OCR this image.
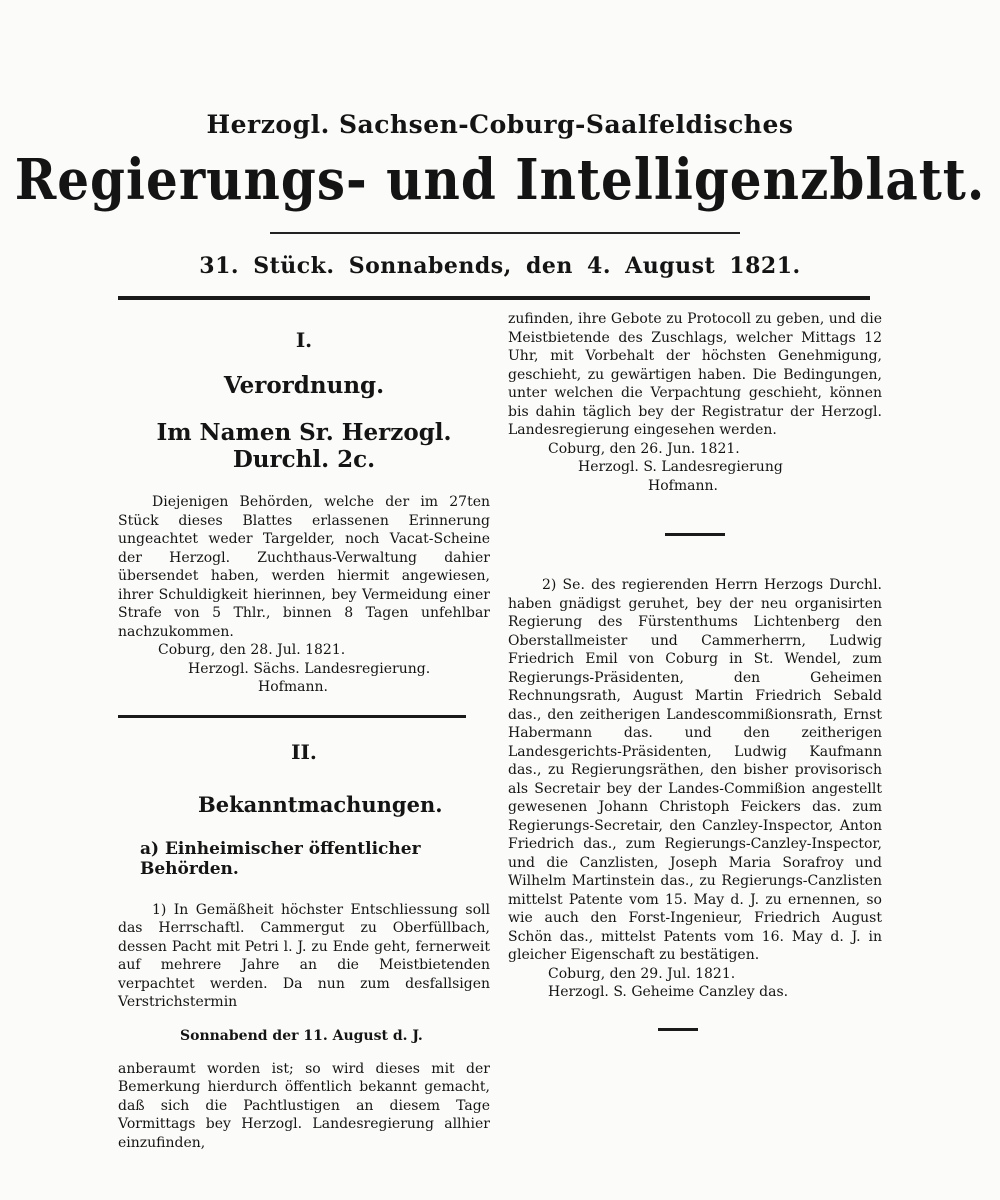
Herzogl. Sachsen-Coburg-Saalfeldisches
Regierungs- und Intelligenzblatt.
31. Stück. Sonnabends, den 4. August 1821.
I.
Verordnung.
Im Namen Sr. Herzogl. Durchl. 2c.

Diejenigen Behörden, welche der im 27ten Stück dieses Blattes erlassenen Erinnerung ungeachtet weder Targelder, noch Vacat-Scheine der Herzogl. Zuchthaus-Verwaltung dahier übersendet haben, werden hiermit angewiesen, ihrer Schuldigkeit hierinnen, bey Vermeidung einer Strafe von 5 Thlr., binnen 8 Tagen unfehlbar nachzukommen.

Coburg, den 28. Jul. 1821.

Herzogl. Sächs. Landesregierung.

Hofmann.

II.
Bekanntmachungen.
a) Einheimischer öffentlicher Behörden.

1) In Gemäßheit höchster Entschliessung soll das Herrschaftl. Cammergut zu Oberfüllbach, dessen Pacht mit Petri l. J. zu Ende geht, fernerweit auf mehrere Jahre an die Meistbietenden verpachtet werden. Da nun zum desfallsigen Verstrichstermin

Sonnabend der 11. August d. J.

anberaumt worden ist; so wird dieses mit der Bemerkung hierdurch öffentlich bekannt gemacht, daß sich die Pachtlustigen an diesem Tage Vormittags bey Herzogl. Landesregierung allhier einzufinden,

zufinden, ihre Gebote zu Protocoll zu geben, und die Meistbietende des Zuschlags, welcher Mittags 12 Uhr, mit Vorbehalt der höchsten Genehmigung, geschieht, zu gewärtigen haben. Die Bedingungen, unter welchen die Verpachtung geschieht, können bis dahin täglich bey der Registratur der Herzogl. Landesregierung eingesehen werden.

Coburg, den 26. Jun. 1821.

Herzogl. S. Landesregierung

Hofmann.

2) Se. des regierenden Herrn Herzogs Durchl. haben gnädigst geruhet, bey der neu organisirten Regierung des Fürstenthums Lichtenberg den Oberstallmeister und Cammerherrn, Ludwig Friedrich Emil von Coburg in St. Wendel, zum Regierungs-Präsidenten, den Geheimen Rechnungsrath, August Martin Friedrich Sebald das., den zeitherigen Landescommißionsrath, Ernst Habermann das. und den zeitherigen Landesgerichts-Präsidenten, Ludwig Kaufmann das., zu Regierungsräthen, den bisher provisorisch als Secretair bey der Landes-Commißion angestellt gewesenen Johann Christoph Feickers das. zum Regierungs-Secretair, den Canzley-Inspector, Anton Friedrich das., zum Regierungs-Canzley-Inspector, und die Canzlisten, Joseph Maria Sorafroy und Wilhelm Martinstein das., zu Regierungs-Canzlisten mittelst Patente vom 15. May d. J. zu ernennen, so wie auch den Forst-Ingenieur, Friedrich August Schön das., mittelst Patents vom 16. May d. J. in gleicher Eigenschaft zu bestätigen.

Coburg, den 29. Jul. 1821.

Herzogl. S. Geheime Canzley das.
